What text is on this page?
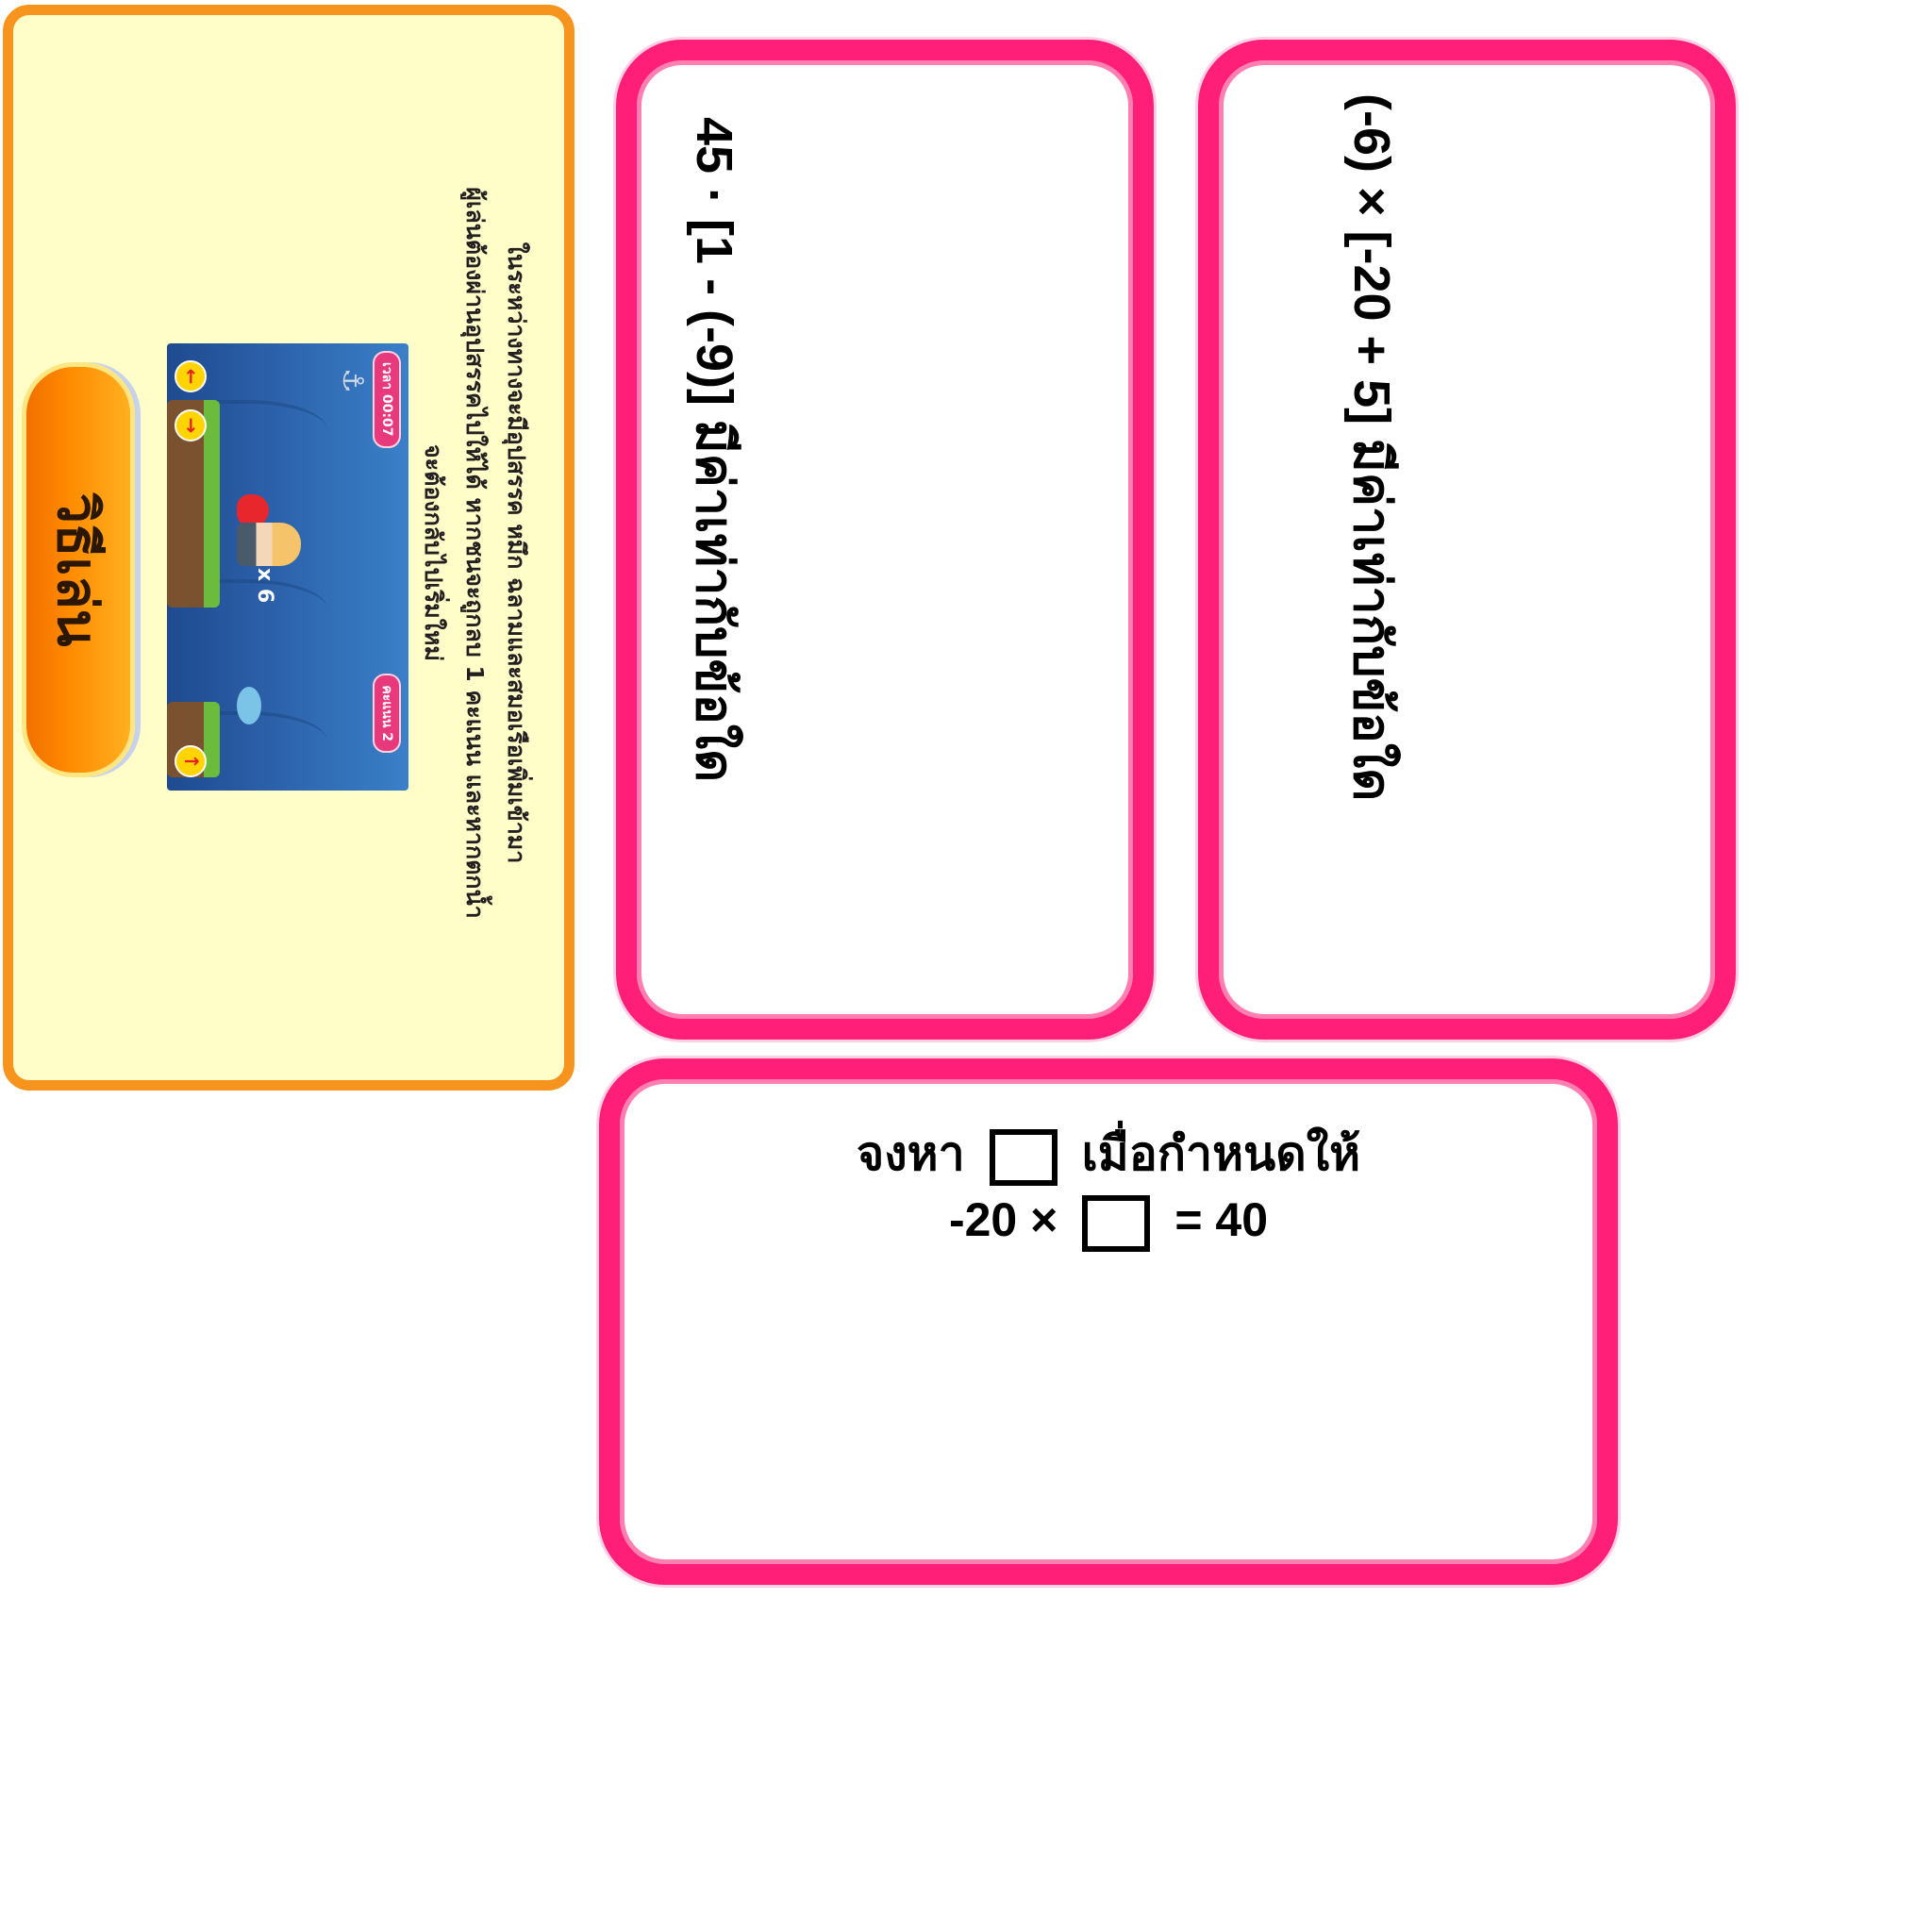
ในระหว่างทางจะมีอุปสรรค หมึก ฉลามและสมอเรือเพิ่มเข้ามา
ผู้เล่นต้องผ่านอุปสรรคไปให้ได้ หากชนจะถูกลบ 1 คะแนน และหากตกน้ำ
จะต้องกลับไปเริ่มใหม่
⚓ เวลา 00:07
คะแนน 2
x 6
←
→
↑
วิธีเล่น	45 · [1 - (-9)] มีค่าเท่ากับข้อใด	(-6) × [-20 + 5] มีค่าเท่ากับข้อใด
จงหา เมื่อกำหนดให้
-20 × = 40
